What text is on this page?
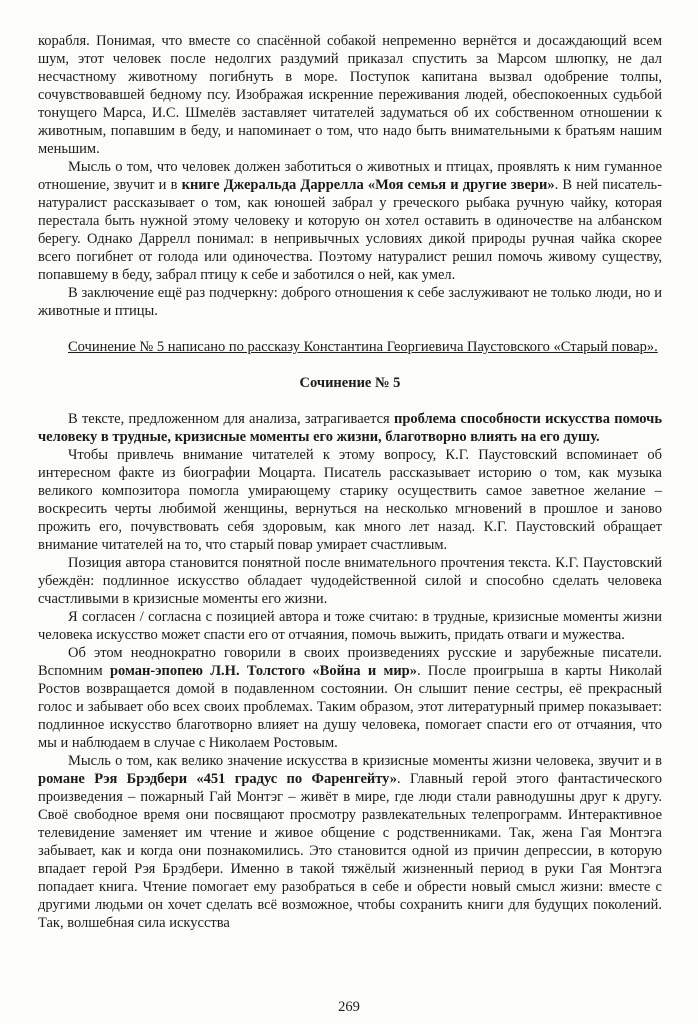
корабля. Понимая, что вместе со спасённой собакой непременно вернётся и досаждающий всем шум, этот человек после недолгих раздумий приказал спустить за Марсом шлюпку, не дал несчастному животному погибнуть в море. Поступок капитана вызвал одобрение толпы, сочувствовавшей бедному псу. Изображая искренние переживания людей, обеспокоенных судьбой тонущего Марса, И.С. Шмелёв заставляет читателей задуматься об их собственном отношении к животным, попавшим в беду, и напоминает о том, что надо быть внимательными к братьям нашим меньшим.

Мысль о том, что человек должен заботиться о животных и птицах, проявлять к ним гуманное отношение, звучит и в книге Джеральда Даррелла «Моя семья и другие звери». В ней писатель-натуралист рассказывает о том, как юношей забрал у греческого рыбака ручную чайку, которая перестала быть нужной этому человеку и которую он хотел оставить в одиночестве на албанском берегу. Однако Даррелл понимал: в непривычных условиях дикой природы ручная чайка скорее всего погибнет от голода или одиночества. Поэтому натуралист решил помочь живому существу, попавшему в беду, забрал птицу к себе и заботился о ней, как умел.

В заключение ещё раз подчеркну: доброго отношения к себе заслуживают не только люди, но и животные и птицы.

Сочинение № 5 написано по рассказу Константина Георгиевича Паустовского «Старый повар».

Сочинение № 5

В тексте, предложенном для анализа, затрагивается проблема способности искусства помочь человеку в трудные, кризисные моменты его жизни, благотворно влиять на его душу.

Чтобы привлечь внимание читателей к этому вопросу, К.Г. Паустовский вспоминает об интересном факте из биографии Моцарта. Писатель рассказывает историю о том, как музыка великого композитора помогла умирающему старику осуществить самое заветное желание – воскресить черты любимой женщины, вернуться на несколько мгновений в прошлое и заново прожить его, почувствовать себя здоровым, как много лет назад. К.Г. Паустовский обращает внимание читателей на то, что старый повар умирает счастливым.

Позиция автора становится понятной после внимательного прочтения текста. К.Г. Паустовский убеждён: подлинное искусство обладает чудодейственной силой и способно сделать человека счастливыми в кризисные моменты его жизни.

Я согласен / согласна с позицией автора и тоже считаю: в трудные, кризисные моменты жизни человека искусство может спасти его от отчаяния, помочь выжить, придать отваги и мужества.

Об этом неоднократно говорили в своих произведениях русские и зарубежные писатели. Вспомним роман-эпопею Л.Н. Толстого «Война и мир». После проигрыша в карты Николай Ростов возвращается домой в подавленном состоянии. Он слышит пение сестры, её прекрасный голос и забывает обо всех своих проблемах. Таким образом, этот литературный пример показывает: подлинное искусство благотворно влияет на душу человека, помогает спасти его от отчаяния, что мы и наблюдаем в случае с Николаем Ростовым.

Мысль о том, как велико значение искусства в кризисные моменты жизни человека, звучит и в романе Рэя Брэдбери «451 градус по Фаренгейту». Главный герой этого фантастического произведения – пожарный Гай Монтэг – живёт в мире, где люди стали равнодушны друг к другу. Своё свободное время они посвящают просмотру развлекательных телепрограмм. Интерактивное телевидение заменяет им чтение и живое общение с родственниками. Так, жена Гая Монтэга забывает, как и когда они познакомились. Это становится одной из причин депрессии, в которую впадает герой Рэя Брэдбери. Именно в такой тяжёлый жизненный период в руки Гая Монтэга попадает книга. Чтение помогает ему разобраться в себе и обрести новый смысл жизни: вместе с другими людьми он хочет сделать всё возможное, чтобы сохранить книги для будущих поколений. Так, волшебная сила искусства

269
